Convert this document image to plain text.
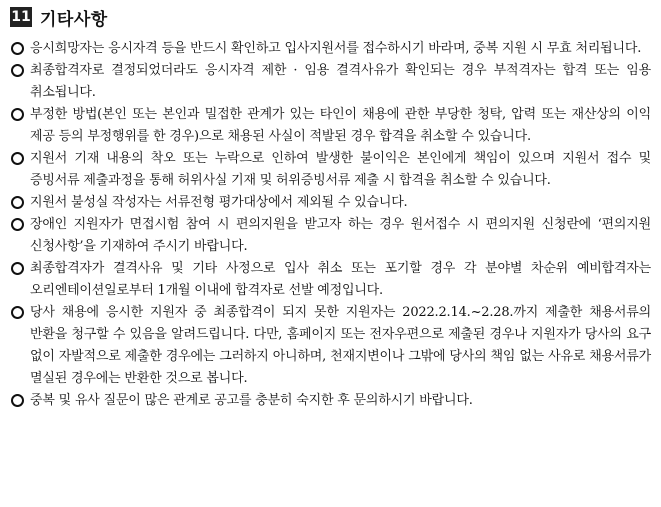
11 기타사항
응시희망자는 응시자격 등을 반드시 확인하고 입사지원서를 접수하시기 바라며, 중복 지원 시 무효 처리됩니다.
최종합격자로 결정되었더라도 응시자격 제한 · 임용 결격사유가 확인되는 경우 부적격자는 합격 또는 임용 취소됩니다.
부정한 방법(본인 또는 본인과 밀접한 관계가 있는 타인이 채용에 관한 부당한 청탁, 압력 또는 재산상의 이익 제공 등의 부정행위를 한 경우)으로 채용된 사실이 적발된 경우 합격을 취소할 수 있습니다.
지원서 기재 내용의 착오 또는 누락으로 인하여 발생한 불이익은 본인에게 책임이 있으며 지원서 접수 및 증빙서류 제출과정을 통해 허위사실 기재 및 허위증빙서류 제출 시 합격을 취소할 수 있습니다.
지원서 불성실 작성자는 서류전형 평가대상에서 제외될 수 있습니다.
장애인 지원자가 면접시험 참여 시 편의지원을 받고자 하는 경우 원서접수 시 편의지원 신청란에 ‘편의지원 신청사항’을 기재하여 주시기 바랍니다.
최종합격자가 결격사유 및 기타 사정으로 입사 취소 또는 포기할 경우 각 분야별 차순위 예비합격자는 오리엔테이션일로부터 1개월 이내에 합격자로 선발 예정입니다.
당사 채용에 응시한 지원자 중 최종합격이 되지 못한 지원자는 2022.2.14.~2.28.까지 제출한 채용서류의 반환을 청구할 수 있음을 알려드립니다. 다만, 홈페이지 또는 전자우편으로 제출된 경우나 지원자가 당사의 요구 없이 자발적으로 제출한 경우에는 그러하지 아니하며, 천재지변이나 그밖에 당사의 책임 없는 사유로 채용서류가 멸실된 경우에는 반환한 것으로 봅니다.
중복 및 유사 질문이 많은 관계로 공고를 충분히 숙지한 후 문의하시기 바랍니다.
